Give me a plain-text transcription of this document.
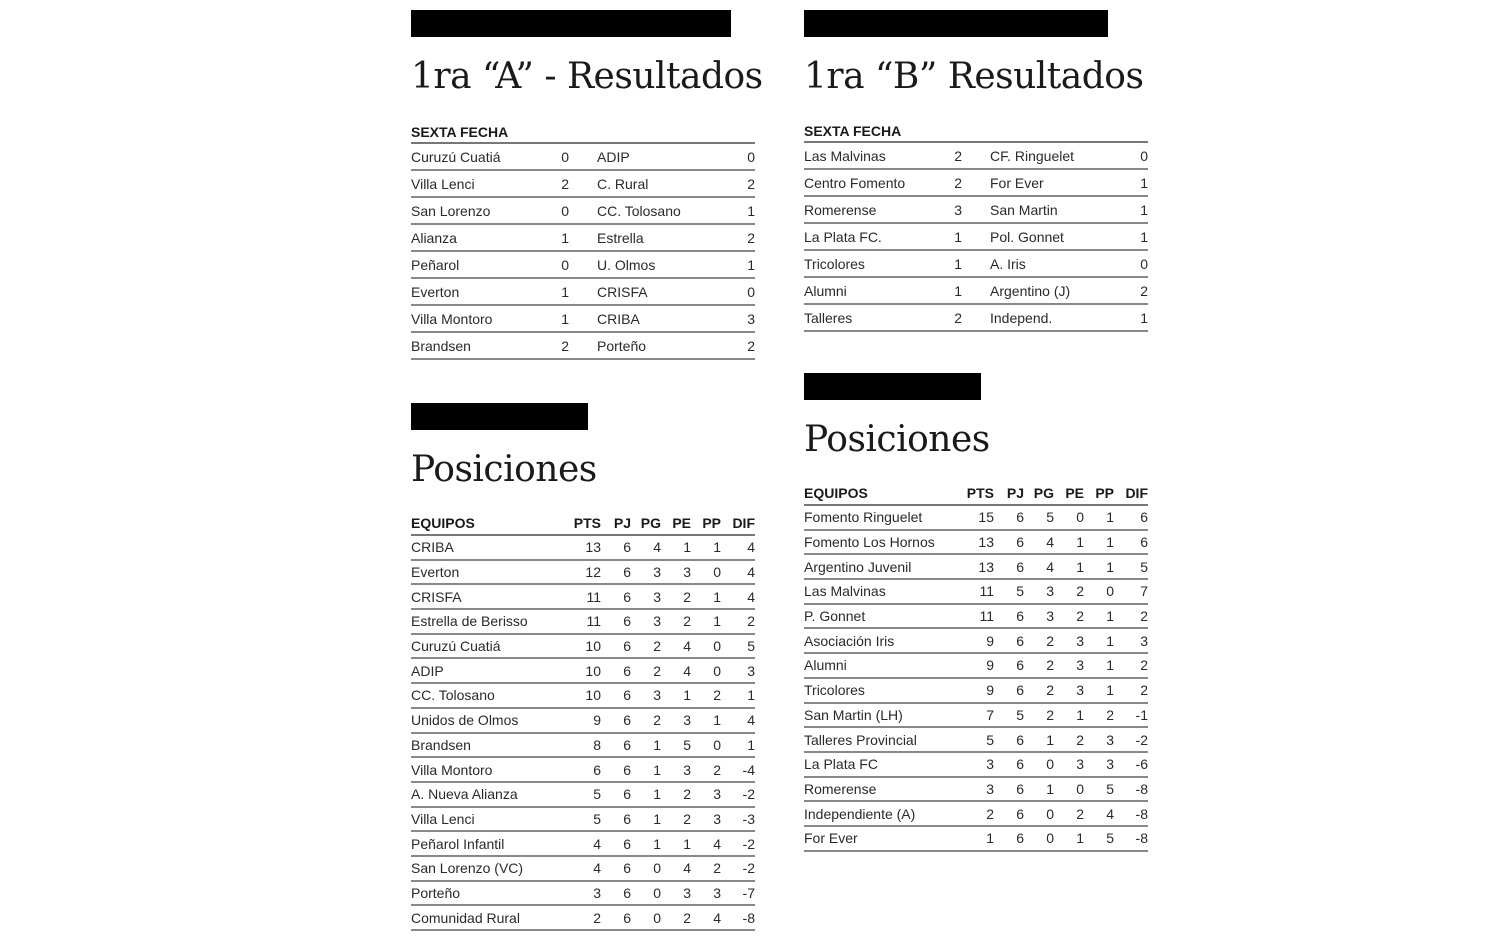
1ra “A” - Resultados
SEXTA FECHA
Curuzú Cuatiá	0	ADIP	0
Villa Lenci	2	C. Rural	2
San Lorenzo	0	CC. Tolosano	1
Alianza	1	Estrella	2
Peñarol	0	U. Olmos	1
Everton	1	CRISFA	0
Villa Montoro	1	CRIBA	3
Brandsen	2	Porteño	2
1ra “B” Resultados
SEXTA FECHA
Las Malvinas	2	CF. Ringuelet	0
Centro Fomento	2	For Ever	1
Romerense	3	San Martin	1
La Plata FC.	1	Pol. Gonnet	1
Tricolores	1	A. Iris	0
Alumni	1	Argentino (J)	2
Talleres	2	Independ.	1
Posiciones
EQUIPOS	PTS PJ PG PE PP DIF
CRIBA	13	6	4	1	1	4
Everton	12	6	3	3	0	4
CRISFA	11	6	3	2	1	4
Estrella de Berisso	11	6	3	2	1	2
Curuzú Cuatiá	10	6	2	4	0	5
ADIP	10	6	2	4	0	3
CC. Tolosano	10	6	3	1	2	1
Unidos de Olmos	9	6	2	3	1	4
Brandsen	8	6	1	5	0	1
Villa Montoro	6	6	1	3	2	-4
A. Nueva Alianza	5	6	1	2	3	-2
Villa Lenci	5	6	1	2	3	-3
Peñarol Infantil	4	6	1	1	4	-2
San Lorenzo (VC)	4	6	0	4	2	-2
Porteño	3	6	0	3	3	-7
Comunidad Rural	2	6	0	2	4	-8
Posiciones
EQUIPOS	PTS PJ PG PE PP DIF
Fomento Ringuelet	15	6	5	0	1	6
Fomento Los Hornos	13	6	4	1	1	6
Argentino Juvenil	13	6	4	1	1	5
Las Malvinas	11	5	3	2	0	7
P. Gonnet	11	6	3	2	1	2
Asociación Iris	9	6	2	3	1	3
Alumni	9	6	2	3	1	2
Tricolores	9	6	2	3	1	2
San Martin (LH)	7	5	2	1	2	-1
Talleres Provincial	5	6	1	2	3	-2
La Plata FC	3	6	0	3	3	-6
Romerense	3	6	1	0	5	-8
Independiente (A)	2	6	0	2	4	-8
For Ever	1	6	0	1	5	-8
